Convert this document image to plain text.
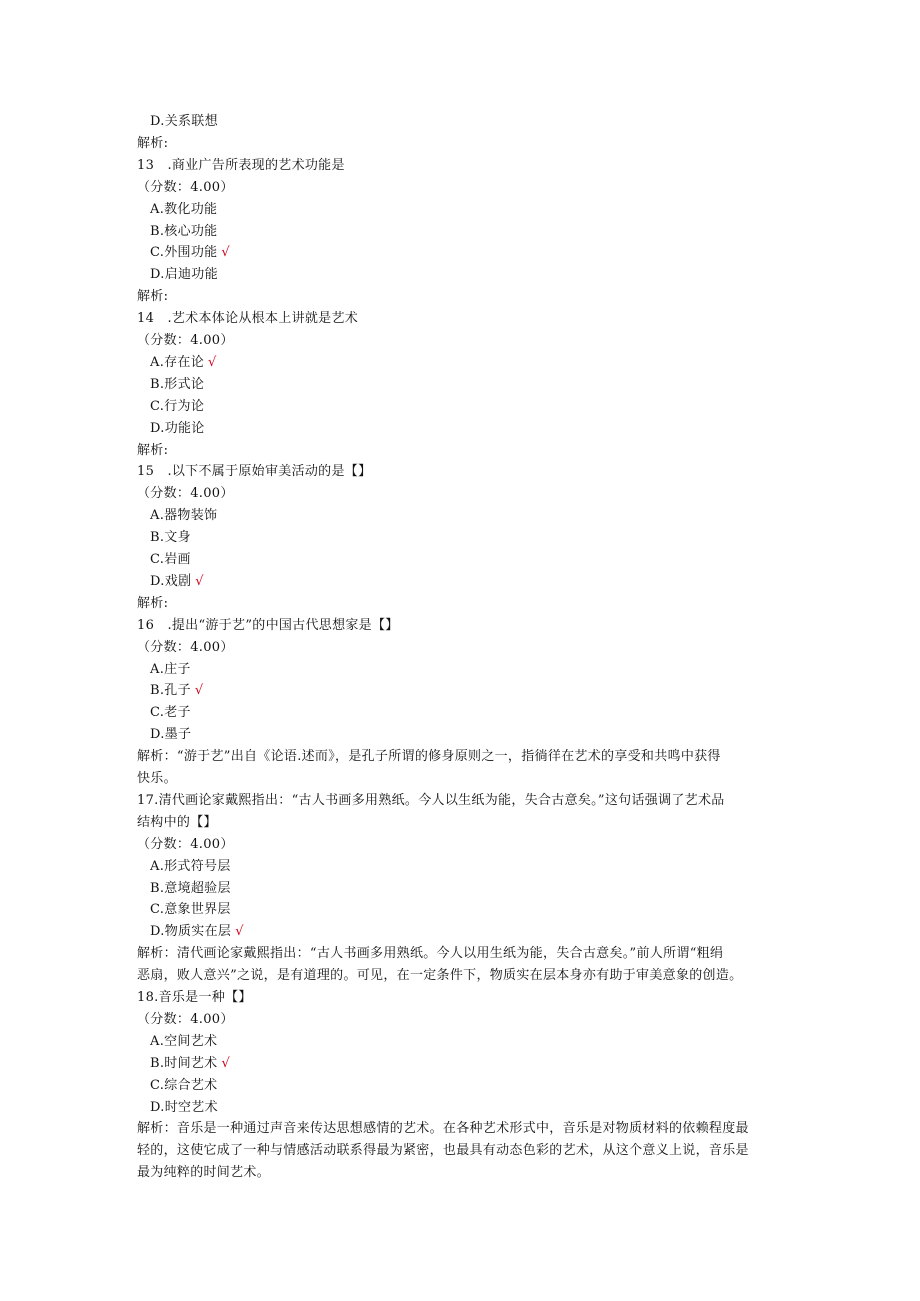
D.关系联想
解析:
13　.商业广告所表现的艺术功能是
（分数：4.00）
A.教化功能
B.核心功能
C.外围功能 √
D.启迪功能
解析:
14　.艺术本体论从根本上讲就是艺术
（分数：4.00）
A.存在论 √
B.形式论
C.行为论
D.功能论
解析:
15　.以下不属于原始审美活动的是【】
（分数：4.00）
A.器物装饰
B.文身
C.岩画
D.戏剧 √
解析:
16　.提出“游于艺”的中国古代思想家是【】
（分数：4.00）
A.庄子
B.孔子 √
C.老子
D.墨子
解析：“游于艺”出自《论语.述而》，是孔子所谓的修身原则之一，指徜徉在艺术的享受和共鸣中获得
快乐。
17.清代画论家戴熙指出：“古人书画多用熟纸。今人以生纸为能，失合古意矣。”这句话强调了艺术品
结构中的【】
（分数：4.00）
A.形式符号层
B.意境超验层
C.意象世界层
D.物质实在层 √
解析：清代画论家戴熙指出：“古人书画多用熟纸。今人以用生纸为能，失合古意矣。”前人所谓“粗绢
恶扇，败人意兴”之说，是有道理的。可见，在一定条件下，物质实在层本身亦有助于审美意象的创造。
18.音乐是一种【】
（分数：4.00）
A.空间艺术
B.时间艺术 √
C.综合艺术
D.时空艺术
解析：音乐是一种通过声音来传达思想感情的艺术。在各种艺术形式中，音乐是对物质材料的依赖程度最
轻的，这使它成了一种与情感活动联系得最为紧密，也最具有动态色彩的艺术，从这个意义上说，音乐是
最为纯粹的时间艺术。
